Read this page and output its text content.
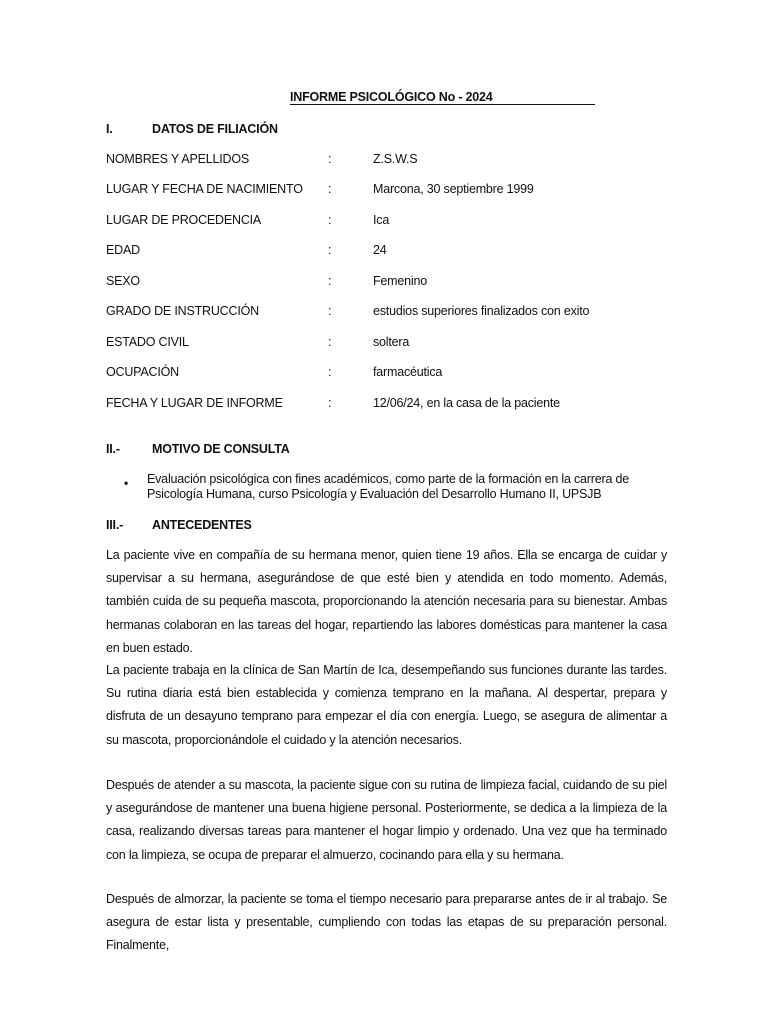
INFORME PSICOLÓGICO No - 2024
I.	DATOS DE FILIACIÓN
NOMBRES Y APELLIDOS	:	Z.S.W.S
LUGAR Y FECHA DE NACIMIENTO :	Marcona, 30 septiembre 1999
LUGAR DE PROCEDENCIA	:	Ica
EDAD	:	24
SEXO	:	Femenino
GRADO DE INSTRUCCIÓN	:	estudios superiores finalizados con exito
ESTADO CIVIL	:	soltera
OCUPACIÓN	:	farmacéutica
FECHA Y LUGAR DE INFORME	:	12/06/24, en la casa de la paciente
II.-	MOTIVO DE CONSULTA
•	Evaluación psicológica con fines académicos, como parte de la formación en la carrera de Psicología Humana, curso Psicología y Evaluación del Desarrollo Humano II, UPSJB
III.- ANTECEDENTES
La paciente vive en compañía de su hermana menor, quien tiene 19 años. Ella se encarga de cuidar y supervisar a su hermana, asegurándose de que esté bien y atendida en todo momento. Además, también cuida de su pequeña mascota, proporcionando la atención necesaria para su bienestar. Ambas hermanas colaboran en las tareas del hogar, repartiendo las labores domésticas para mantener la casa en buen estado.
La paciente trabaja en la clínica de San Martín de Ica, desempeñando sus funciones durante las tardes. Su rutina diaria está bien establecida y comienza temprano en la mañana. Al despertar, prepara y disfruta de un desayuno temprano para empezar el día con energía. Luego, se asegura de alimentar a su mascota, proporcionándole el cuidado y la atención necesarios.
Después de atender a su mascota, la paciente sigue con su rutina de limpieza facial, cuidando de su piel y asegurándose de mantener una buena higiene personal. Posteriormente, se dedica a la limpieza de la casa, realizando diversas tareas para mantener el hogar limpio y ordenado. Una vez que ha terminado con la limpieza, se ocupa de preparar el almuerzo, cocinando para ella y su hermana.
Después de almorzar, la paciente se toma el tiempo necesario para prepararse antes de ir al trabajo. Se asegura de estar lista y presentable, cumpliendo con todas las etapas de su preparación personal. Finalmente,
